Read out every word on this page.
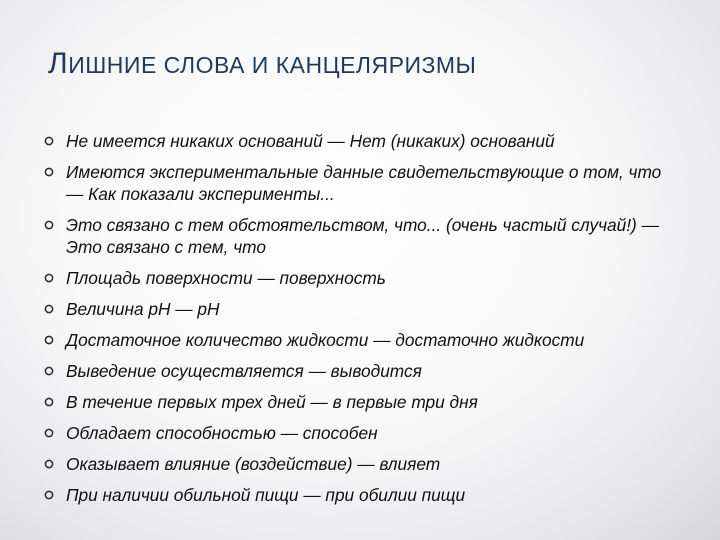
ЛИШНИЕ СЛОВА И КАНЦЕЛЯРИЗМЫ
Не имеется никаких оснований — Нет (никаких) оснований
Имеются экспериментальные данные свидетельствующие о том, что — Как показали эксперименты...
Это связано с тем обстоятельством, что... (очень частый случай!) — Это связано с тем, что
Площадь поверхности — поверхность
Величина pH — pH
Достаточное количество жидкости — достаточно жидкости
Выведение осуществляется — выводится
В течение первых трех дней — в первые три дня
Обладает способностью — способен
Оказывает влияние (воздействие) — влияет
При наличии обильной пищи — при обилии пищи
